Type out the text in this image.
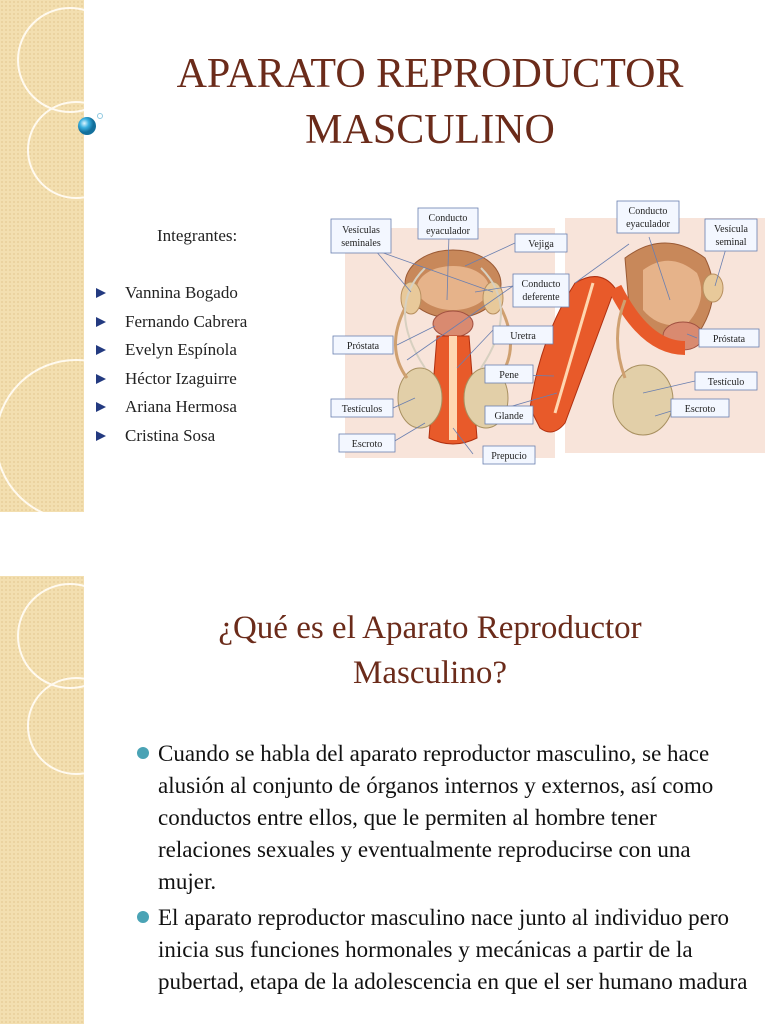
APARATO REPRODUCTOR
MASCULINO
Integrantes:
Vannina Bogado
Fernando Cabrera
Evelyn Espínola
Héctor Izaguirre
Ariana Hermosa
Cristina Sosa
Vesículas
seminales
Conducto
eyaculador
Vejiga
Conducto
deferente
Próstata
Uretra
Pene
Testículos
Glande
Escroto
Prepucio
Conducto
eyaculador	Vesícula
seminal
Próstata
Testículo
Escroto
¿Qué es el Aparato Reproductor
Masculino?
Cuando se habla del aparato reproductor masculino, se hace alusión al conjunto de órganos internos y externos, así como conductos entre ellos, que le permiten al hombre tener relaciones sexuales y eventualmente reproducirse con una mujer.
El aparato reproductor masculino nace junto al individuo pero inicia sus funciones hormonales y mecánicas a partir de la pubertad, etapa de la adolescencia en que el ser humano madura
